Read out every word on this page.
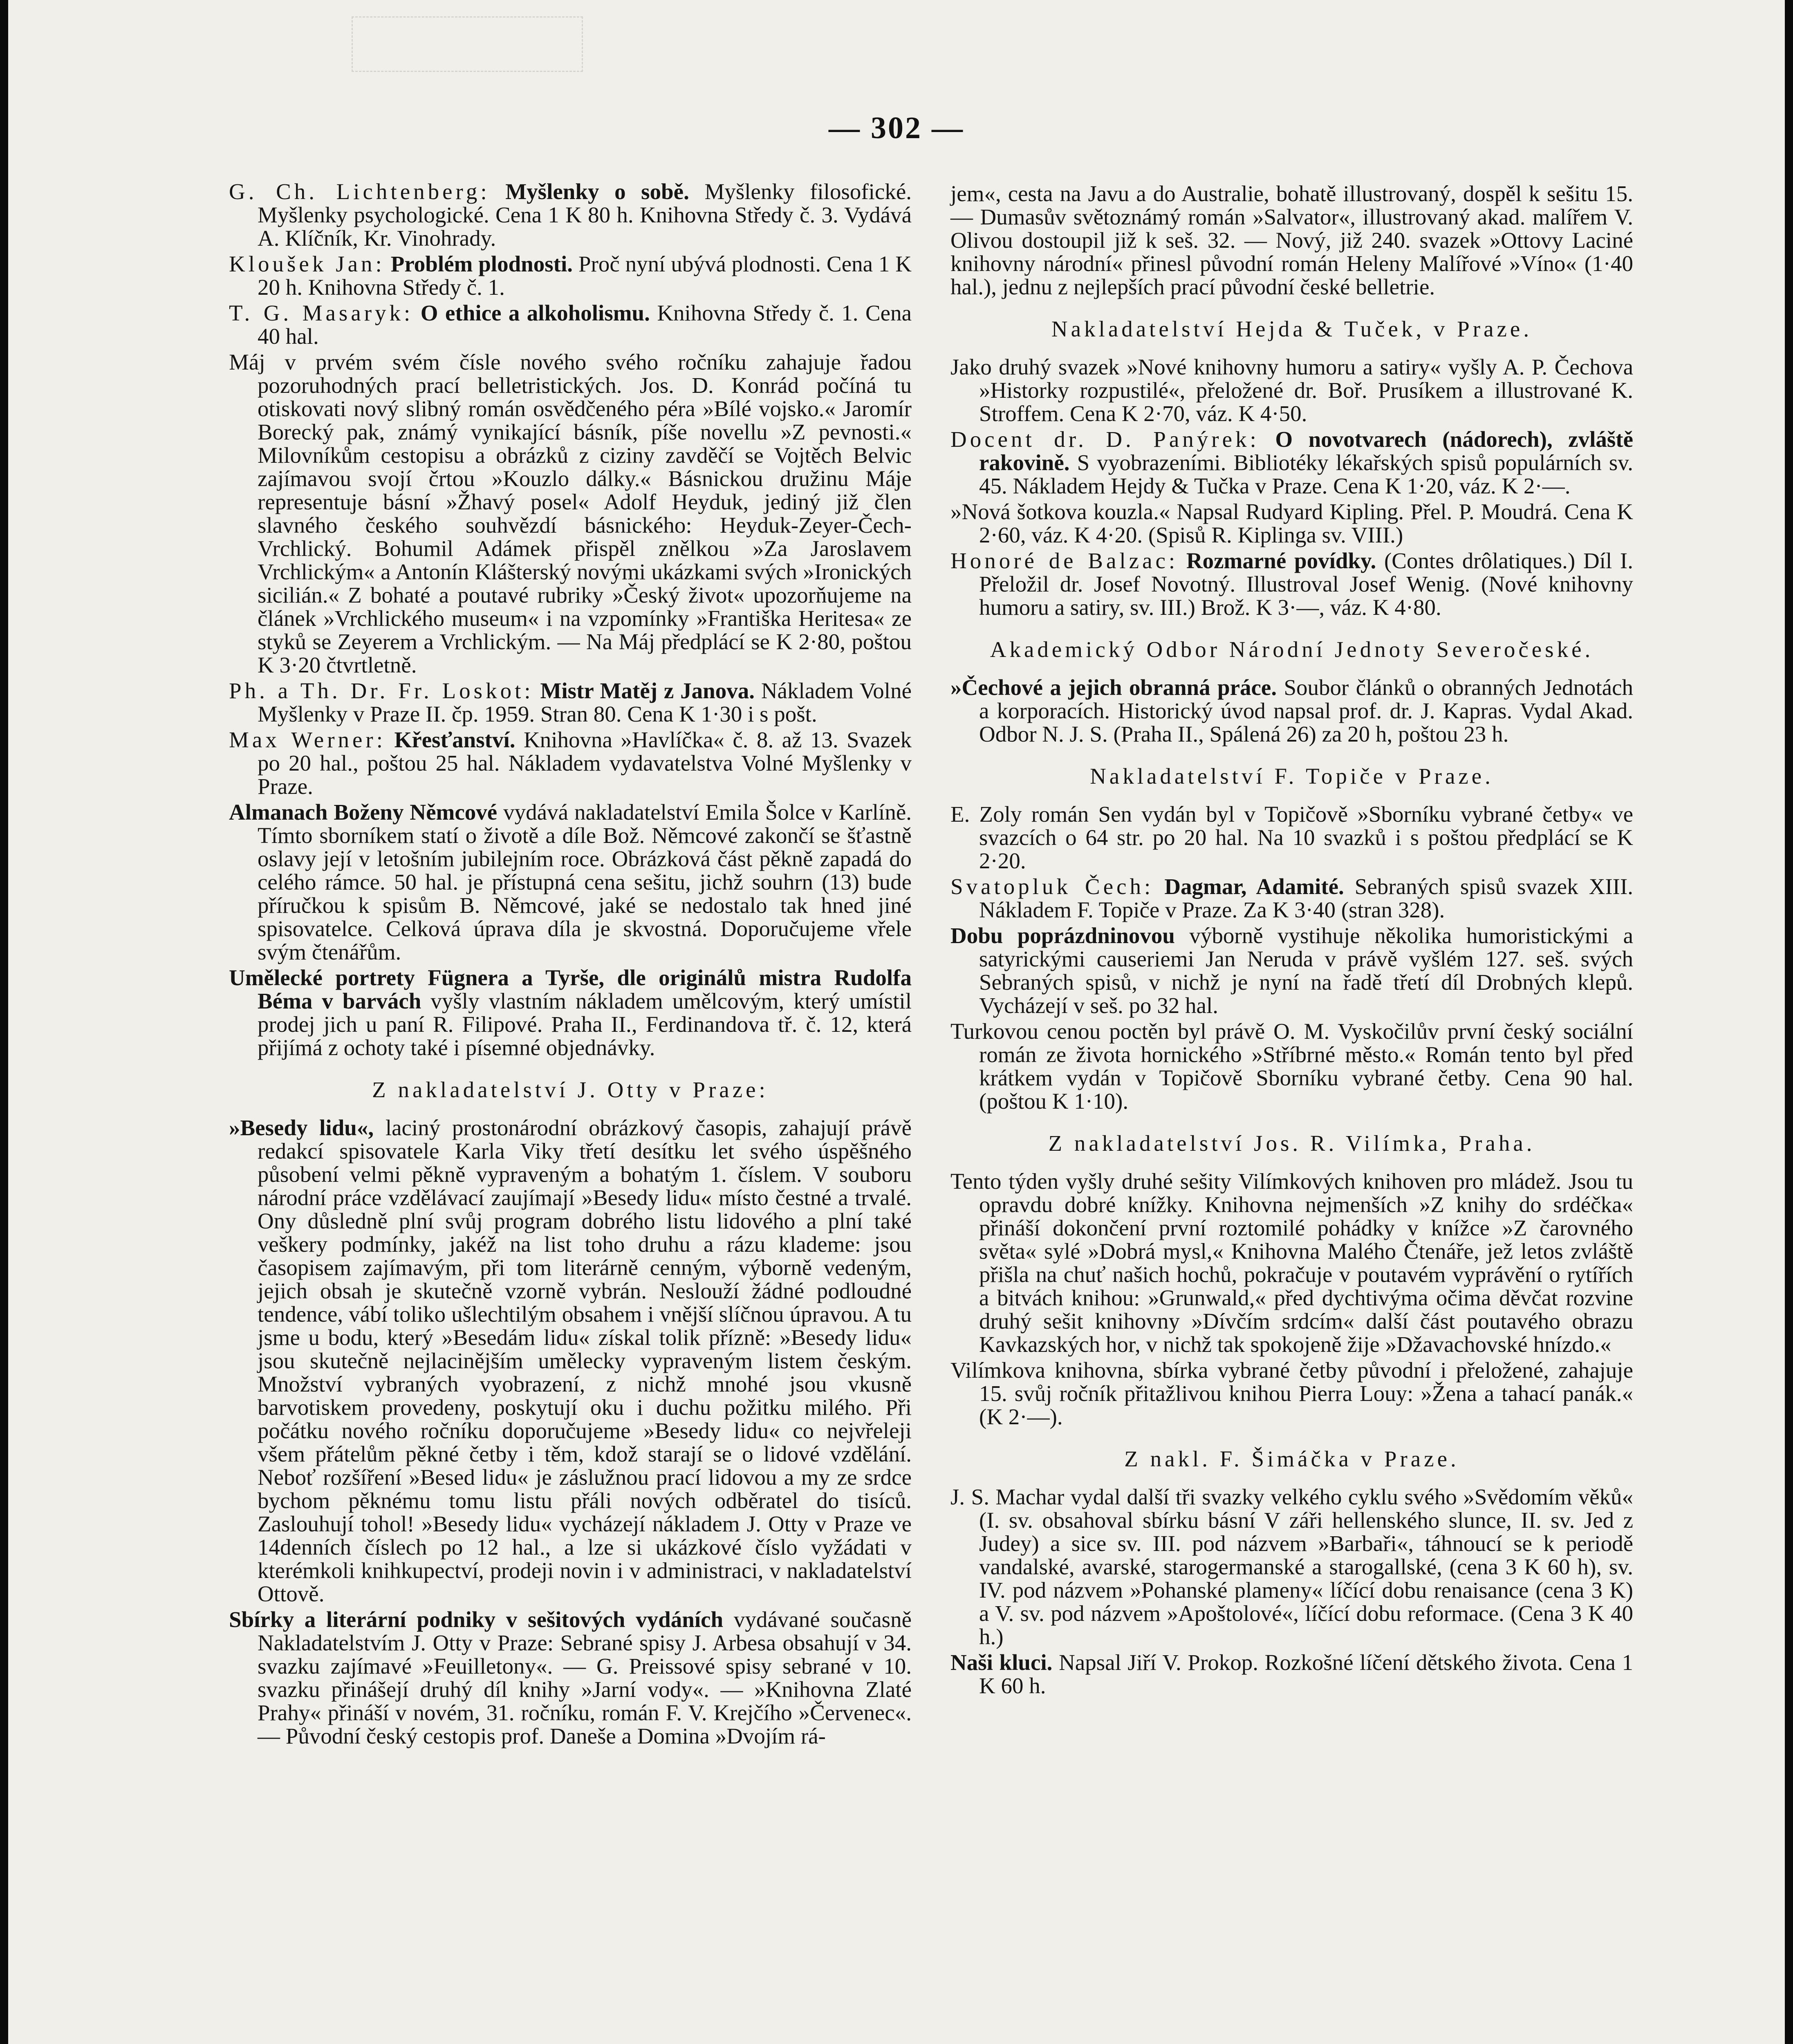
— 302 —

G. Ch. Lichtenberg: Myšlenky o sobě. Myšlenky filosofické. Myšlenky psychologické. Cena 1 K 80 h. Knihovna Středy č. 3. Vydává A. Klíčník, Kr. Vinohrady.

Kloušek Jan: Problém plodnosti. Proč nyní ubývá plodnosti. Cena 1 K 20 h. Knihovna Středy č. 1.

T. G. Masaryk: O ethice a alkoholismu. Knihovna Středy č. 1. Cena 40 hal.

Máj v prvém svém čísle nového svého ročníku zahajuje řadou pozoruhodných prací belletristických. Jos. D. Konrád počíná tu otiskovati nový slibný román osvědčeného péra »Bílé vojsko.« Jaromír Borecký pak, známý vynikající básník, píše novellu »Z pevnosti.« Milovníkům cestopisu a obrázků z ciziny zavděčí se Vojtěch Belvic zajímavou svojí črtou »Kouzlo dálky.« Básnickou družinu Máje representuje básní »Žhavý posel« Adolf Heyduk, jediný již člen slavného českého souhvězdí básnického: Heyduk-Zeyer-Čech-Vrchlický. Bohumil Adámek přispěl znělkou »Za Jaroslavem Vrchlickým« a Antonín Klášterský novými ukázkami svých »Ironických sicilián.« Z bohaté a poutavé rubriky »Český život« upozorňujeme na článek »Vrchlického museum« i na vzpomínky »Františka Heritesa« ze styků se Zeyerem a Vrchlickým. — Na Máj předplácí se K 2·80, poštou K 3·20 čtvrtletně.

Ph. a Th. Dr. Fr. Loskot: Mistr Matěj z Janova. Nákladem Volné Myšlenky v Praze II. čp. 1959. Stran 80. Cena K 1·30 i s pošt.

Max Werner: Křesťanství. Knihovna »Havlíčka« č. 8. až 13. Svazek po 20 hal., poštou 25 hal. Nákladem vydavatelstva Volné Myšlenky v Praze.

Almanach Boženy Němcové vydává nakladatelství Emila Šolce v Karlíně. Tímto sborníkem statí o životě a díle Bož. Němcové zakončí se šťastně oslavy její v letošním jubilejním roce. Obrázková část pěkně zapadá do celého rámce. 50 hal. je přístupná cena sešitu, jichž souhrn (13) bude příručkou k spisům B. Němcové, jaké se nedostalo tak hned jiné spisovatelce. Celková úprava díla je skvostná. Doporučujeme vřele svým čtenářům.

Umělecké portrety Fügnera a Tyrše, dle originálů mistra Rudolfa Béma v barvách vyšly vlastním nákladem umělcovým, který umístil prodej jich u paní R. Filipové. Praha II., Ferdinandova tř. č. 12, která přijímá z ochoty také i písemné objednávky.

Z nakladatelství J. Otty v Praze:

»Besedy lidu«, laciný prostonárodní obrázkový časopis, zahajují právě redakcí spisovatele Karla Viky třetí desítku let svého úspěšného působení velmi pěkně vypraveným a bohatým 1. číslem. V souboru národní práce vzdělávací zaujímají »Besedy lidu« místo čestné a trvalé. Ony důsledně plní svůj program dobrého listu lidového a plní také veškery podmínky, jakéž na list toho druhu a rázu klademe: jsou časopisem zajímavým, při tom literárně cenným, výborně vedeným, jejich obsah je skutečně vzorně vybrán. Neslouží žádné podloudné tendence, vábí toliko ušlechtilým obsahem i vnější slíčnou úpravou. A tu jsme u bodu, který »Besedám lidu« získal tolik přízně: »Besedy lidu« jsou skutečně nejlacinějším umělecky vypraveným listem českým. Množství vybraných vyobrazení, z nichž mnohé jsou vkusně barvotiskem provedeny, poskytují oku i duchu požitku milého. Při počátku nového ročníku doporučujeme »Besedy lidu« co nejvřeleji všem přátelům pěkné četby i těm, kdož starají se o lidové vzdělání. Neboť rozšíření »Besed lidu« je záslužnou prací lidovou a my ze srdce bychom pěknému tomu listu přáli nových odběratel do tisíců. Zaslouhují tohol! »Besedy lidu« vycházejí nákladem J. Otty v Praze ve 14denních číslech po 12 hal., a lze si ukázkové číslo vyžádati v kterémkoli knihkupectví, prodeji novin i v administraci, v nakladatelství Ottově.

Sbírky a literární podniky v sešitových vydáních vydávané současně Nakladatelstvím J. Otty v Praze: Sebrané spisy J. Arbesa obsahují v 34. svazku zajímavé »Feuilletony«. — G. Preissové spisy sebrané v 10. svazku přinášejí druhý díl knihy »Jarní vody«. — »Knihovna Zlaté Prahy« přináší v novém, 31. ročníku, román F. V. Krejčího »Červenec«. — Původní český cestopis prof. Daneše a Domina »Dvojím rá-

jem«, cesta na Javu a do Australie, bohatě illustrovaný, dospěl k sešitu 15. — Dumasův světoznámý román »Salvator«, illustrovaný akad. malířem V. Olivou dostoupil již k seš. 32. — Nový, již 240. svazek »Ottovy Laciné knihovny národní« přinesl původní román Heleny Malířové »Víno« (1·40 hal.), jednu z nejlepších prací původní české belletrie.

Nakladatelství Hejda & Tuček, v Praze.

Jako druhý svazek »Nové knihovny humoru a satiry« vyšly A. P. Čechova »Historky rozpustilé«, přeložené dr. Boř. Prusíkem a illustrované K. Stroffem. Cena K 2·70, váz. K 4·50.

Docent dr. D. Panýrek: O novotvarech (nádorech), zvláště rakovině. S vyobrazeními. Bibliotéky lékařských spisů populárních sv. 45. Nákladem Hejdy & Tučka v Praze. Cena K 1·20, váz. K 2·—.

»Nová šotkova kouzla.« Napsal Rudyard Kipling. Přel. P. Moudrá. Cena K 2·60, váz. K 4·20. (Spisů R. Kiplinga sv. VIII.)

Honoré de Balzac: Rozmarné povídky. (Contes drôlatiques.) Díl I. Přeložil dr. Josef Novotný. Illustroval Josef Wenig. (Nové knihovny humoru a satiry, sv. III.) Brož. K 3·—, váz. K 4·80.

Akademický Odbor Národní Jednoty Severočeské.

»Čechové a jejich obranná práce. Soubor článků o obranných Jednotách a korporacích. Historický úvod napsal prof. dr. J. Kapras. Vydal Akad. Odbor N. J. S. (Praha II., Spálená 26) za 20 h, poštou 23 h.

Nakladatelství F. Topiče v Praze.

E. Zoly román Sen vydán byl v Topičově »Sborníku vybrané četby« ve svazcích o 64 str. po 20 hal. Na 10 svazků i s poštou předplácí se K 2·20.

Svatopluk Čech: Dagmar, Adamité. Sebraných spisů svazek XIII. Nákladem F. Topiče v Praze. Za K 3·40 (stran 328).

Dobu poprázdninovou výborně vystihuje několika humoristickými a satyrickými causeriemi Jan Neruda v právě vyšlém 127. seš. svých Sebraných spisů, v nichž je nyní na řadě třetí díl Drobných klepů. Vycházejí v seš. po 32 hal.

Turkovou cenou poctěn byl právě O. M. Vyskočilův první český sociální román ze života hornického »Stříbrné město.« Román tento byl před krátkem vydán v Topičově Sborníku vybrané četby. Cena 90 hal. (poštou K 1·10).

Z nakladatelství Jos. R. Vilímka, Praha.

Tento týden vyšly druhé sešity Vilímkových knihoven pro mládež. Jsou tu opravdu dobré knížky. Knihovna nejmenších »Z knihy do srdéčka« přináší dokončení první roztomilé pohádky v knížce »Z čarovného světa« sylé »Dobrá mysl,« Knihovna Malého Čtenáře, jež letos zvláště přišla na chuť našich hochů, pokračuje v poutavém vyprávění o rytířích a bitvách knihou: »Grunwald,« před dychtivýma očima děvčat rozvine druhý sešit knihovny »Dívčím srdcím« další část poutavého obrazu Kavkazských hor, v nichž tak spokojeně žije »Džavachovské hnízdo.«

Vilímkova knihovna, sbírka vybrané četby původní i přeložené, zahajuje 15. svůj ročník přitažlivou knihou Pierra Louy: »Žena a tahací panák.« (K 2·—).

Z nakl. F. Šimáčka v Praze.

J. S. Machar vydal další tři svazky velkého cyklu svého »Svědomím věků« (I. sv. obsahoval sbírku básní V záři hellenského slunce, II. sv. Jed z Judey) a sice sv. III. pod názvem »Barbaři«, táhnoucí se k periodě vandalské, avarské, starogermanské a starogallské, (cena 3 K 60 h), sv. IV. pod názvem »Pohanské plameny« líčící dobu renaisance (cena 3 K) a V. sv. pod názvem »Apoštolové«, líčící dobu reformace. (Cena 3 K 40 h.)

Naši kluci. Napsal Jiří V. Prokop. Rozkošné líčení dětského života. Cena 1 K 60 h.
